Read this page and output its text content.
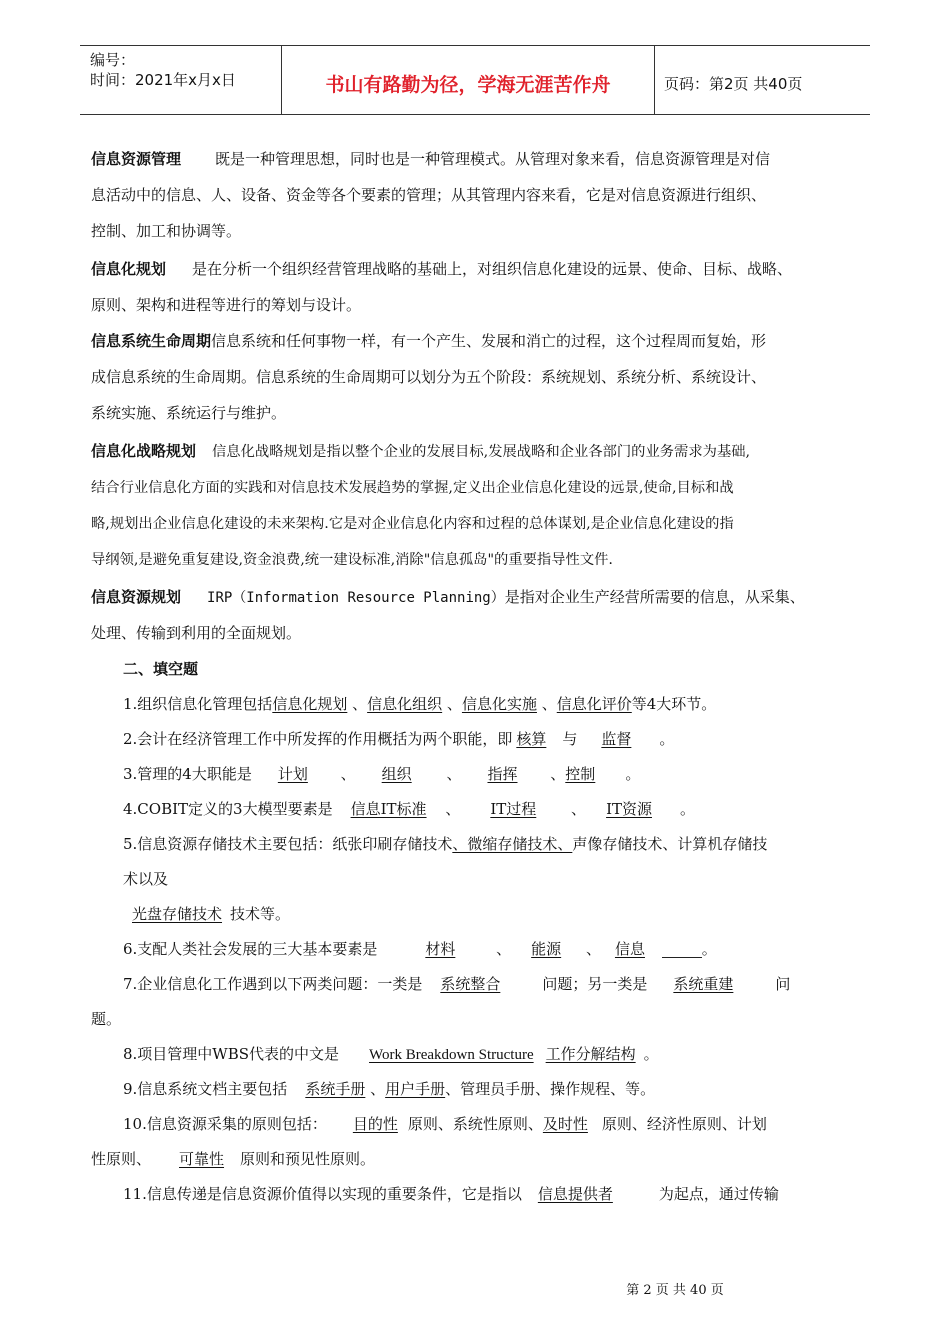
编号：
时间：2021年x月x日	书山有路勤为径，学海无涯苦作舟	页码：第2页 共40页
信息资源管理 既是一种管理思想，同时也是一种管理模式。从管理对象来看，信息资源管理是对信
息活动中的信息、人、设备、资金等各个要素的管理；从其管理内容来看，它是对信息资源进行组织、
控制、加工和协调等。
信息化规划 是在分析一个组织经营管理战略的基础上，对组织信息化建设的远景、使命、目标、战略、
原则、架构和进程等进行的筹划与设计。
信息系统生命周期信息系统和任何事物一样，有一个产生、发展和消亡的过程，这个过程周而复始，形
成信息系统的生命周期。信息系统的生命周期可以划分为五个阶段：系统规划、系统分析、系统设计、
系统实施、系统运行与维护。
信息化战略规划 信息化战略规划是指以整个企业的发展目标,发展战略和企业各部门的业务需求为基础,
结合行业信息化方面的实践和对信息技术发展趋势的掌握,定义出企业信息化建设的远景,使命,目标和战
略,规划出企业信息化建设的未来架构.它是对企业信息化内容和过程的总体谋划,是企业信息化建设的指
导纲领,是避免重复建设,资金浪费,统一建设标准,消除"信息孤岛"的重要指导性文件.
信息资源规划 IRP（Information Resource Planning）是指对企业生产经营所需要的信息，从采集、
处理、传输到利用的全面规划。
二、填空题
1.组织信息化管理包括信息化规划 、信息化组织 、信息化实施 、信息化评价等4大环节。
2.会计在经济管理工作中所发挥的作用概括为两个职能，即 核算 与 监督 。
3.管理的4大职能是 计划 、 组织 、 指挥 、控制 。
4.COBIT定义的3大模型要素是 信息IT标准 、 IT过程 、 IT资源 。
5.信息资源存储技术主要包括：纸张印刷存储技术、微缩存储技术、声像存储技术、计算机存储技
术以及
光盘存储技术 技术等。
6.支配人类社会发展的三大基本要素是	材料	、 能源 、 信息	。
7.企业信息化工作遇到以下两类问题：一类是 系统整合	问题；另一类是 系统重建	问
题。
8.项目管理中WBS代表的中文是 Work Breakdown Structure 工作分解结构 。
9.信息系统文档主要包括 系统手册 、用户手册、管理员手册、操作规程、等。
10.信息资源采集的原则包括： 目的性 原则、系统性原则、及时性 原则、经济性原则、计划
性原则、 可靠性 原则和预见性原则。
11.信息传递是信息资源价值得以实现的重要条件，它是指以 信息提供者	为起点，通过传输
第 2 页 共 40 页
